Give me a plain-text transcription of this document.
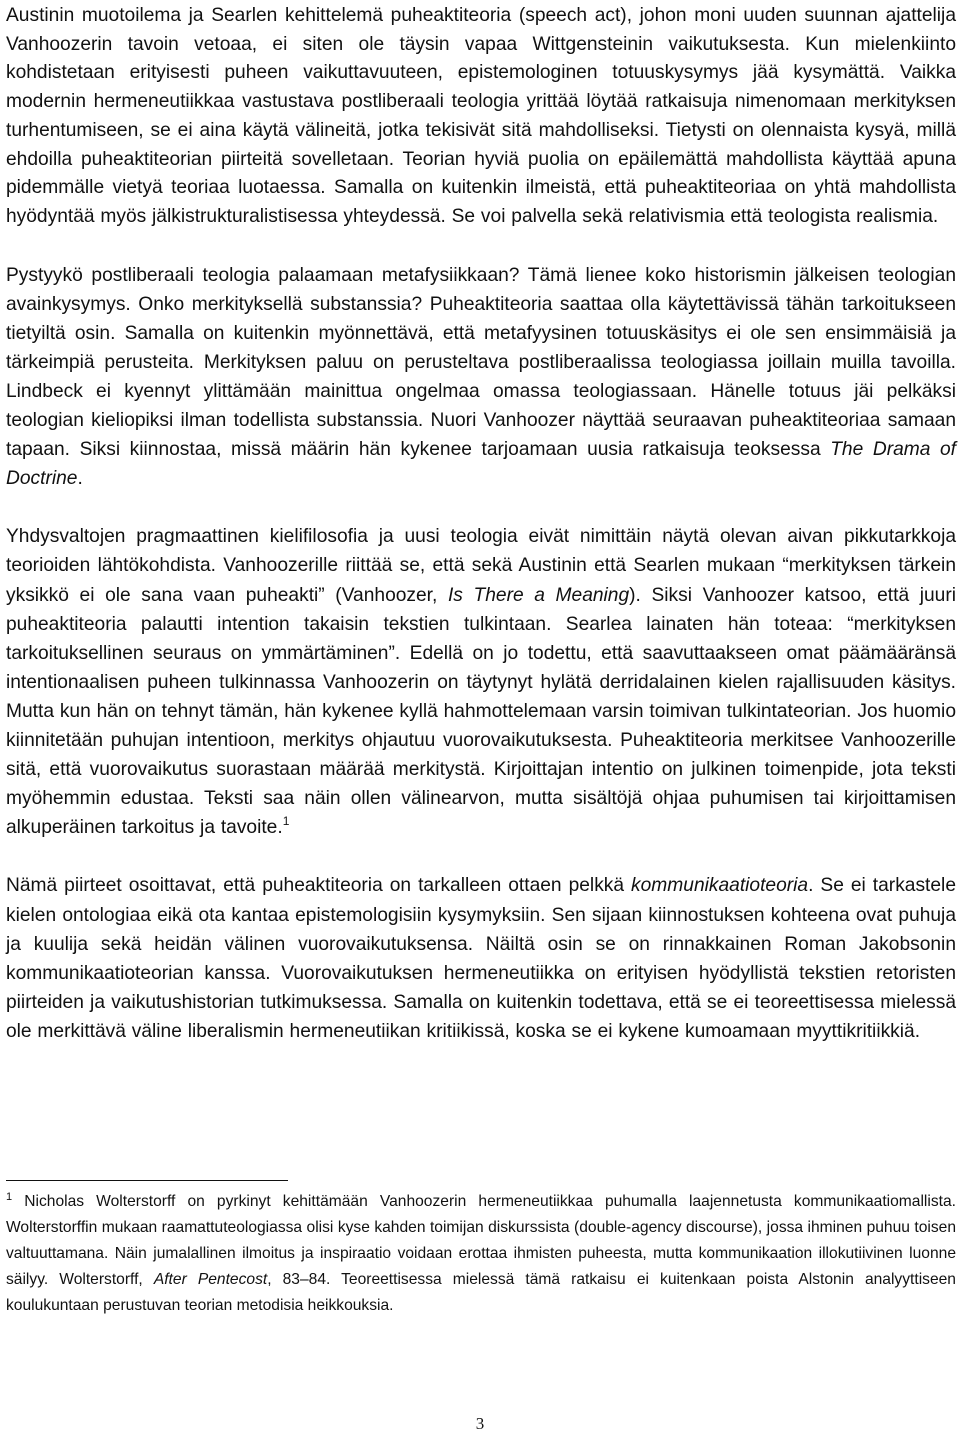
Austinin muotoilema ja Searlen kehittelemä puheaktiteoria (speech act), johon moni uuden suunnan ajattelija Vanhoozerin tavoin vetoaa, ei siten ole täysin vapaa Wittgensteinin vaikutuksesta. Kun mielenkiinto kohdistetaan erityisesti puheen vaikuttavuuteen, epistemologinen totuuskysymys jää kysymättä. Vaikka modernin hermeneutiikkaa vastustava postliberaali teologia yrittää löytää ratkaisuja nimenomaan merkityksen turhentumiseen, se ei aina käytä välineitä, jotka tekisivät sitä mahdolliseksi. Tietysti on olennaista kysyä, millä ehdoilla puheaktiteorian piirteitä sovelletaan. Teorian hyviä puolia on epäilemättä mahdollista käyttää apuna pidemmälle vietyä teoriaa luotaessa. Samalla on kuitenkin ilmeistä, että puheaktiteoriaa on yhtä mahdollista hyödyntää myös jälkistrukturalistisessa yhteydessä. Se voi palvella sekä relativismia että teologista realismia.

Pystyykö postliberaali teologia palaamaan metafysiikkaan? Tämä lienee koko historismin jälkeisen teologian avainkysymys. Onko merkityksellä substanssia? Puheaktiteoria saattaa olla käytettävissä tähän tarkoitukseen tietyiltä osin. Samalla on kuitenkin myönnettävä, että metafyysinen totuuskäsitys ei ole sen ensimmäisiä ja tärkeimpiä perusteita. Merkityksen paluu on perusteltava postliberaalissa teologiassa joillain muilla tavoilla. Lindbeck ei kyennyt ylittämään mainittua ongelmaa omassa teologiassaan. Hänelle totuus jäi pelkäksi teologian kieliopiksi ilman todellista substanssia. Nuori Vanhoozer näyttää seuraavan puheaktiteoriaa samaan tapaan. Siksi kiinnostaa, missä määrin hän kykenee tarjoamaan uusia ratkaisuja teoksessa The Drama of Doctrine.

Yhdysvaltojen pragmaattinen kielifilosofia ja uusi teologia eivät nimittäin näytä olevan aivan pikkutarkkoja teorioiden lähtökohdista. Vanhoozerille riittää se, että sekä Austinin että Searlen mukaan “merkityksen tärkein yksikkö ei ole sana vaan puheakti” (Vanhoozer, Is There a Meaning). Siksi Vanhoozer katsoo, että juuri puheaktiteoria palautti intention takaisin tekstien tulkintaan. Searlea lainaten hän toteaa: “merkityksen tarkoituksellinen seuraus on ymmärtäminen”. Edellä on jo todettu, että saavuttaakseen omat päämääränsä intentionaalisen puheen tulkinnassa Vanhoozerin on täytynyt hylätä derridalainen kielen rajallisuuden käsitys. Mutta kun hän on tehnyt tämän, hän kykenee kyllä hahmottelemaan varsin toimivan tulkintateorian. Jos huomio kiinnitetään puhujan intentioon, merkitys ohjautuu vuorovaikutuksesta. Puheaktiteoria merkitsee Vanhoozerille sitä, että vuorovaikutus suorastaan määrää merkitystä. Kirjoittajan intentio on julkinen toimenpide, jota teksti myöhemmin edustaa. Teksti saa näin ollen välinearvon, mutta sisältöjä ohjaa puhumisen tai kirjoittamisen alkuperäinen tarkoitus ja tavoite.$^1$

Nämä piirteet osoittavat, että puheaktiteoria on tarkalleen ottaen pelkkä kommunikaatioteoria. Se ei tarkastele kielen ontologiaa eikä ota kantaa epistemologisiin kysymyksiin. Sen sijaan kiinnostuksen kohteena ovat puhuja ja kuulija sekä heidän välinen vuorovaikutuksensa. Näiltä osin se on rinnakkainen Roman Jakobsonin kommunikaatioteorian kanssa. Vuorovaikutuksen hermeneutiikka on erityisen hyödyllistä tekstien retoristen piirteiden ja vaikutushistorian tutkimuksessa. Samalla on kuitenkin todettava, että se ei teoreettisessa mielessä ole merkittävä väline liberalismin hermeneutiikan kritiikissä, koska se ei kykene kumoamaan myyttikritiikkiä.

$^1$ Nicholas Wolterstorff on pyrkinyt kehittämään Vanhoozerin hermeneutiikkaa puhumalla laajennetusta kommunikaatiomallista. Wolterstorffin mukaan raamattuteologiassa olisi kyse kahden toimijan diskurssista (double-agency discourse), jossa ihminen puhuu toisen valtuuttamana. Näin jumalallinen ilmoitus ja inspiraatio voidaan erottaa ihmisten puheesta, mutta kommunikaation illokutiivinen luonne säilyy. Wolterstorff, After Pentecost, 83–84. Teoreettisessa mielessä tämä ratkaisu ei kuitenkaan poista Alstonin analyyttiseen koulukuntaan perustuvan teorian metodisia heikkouksia.

3
